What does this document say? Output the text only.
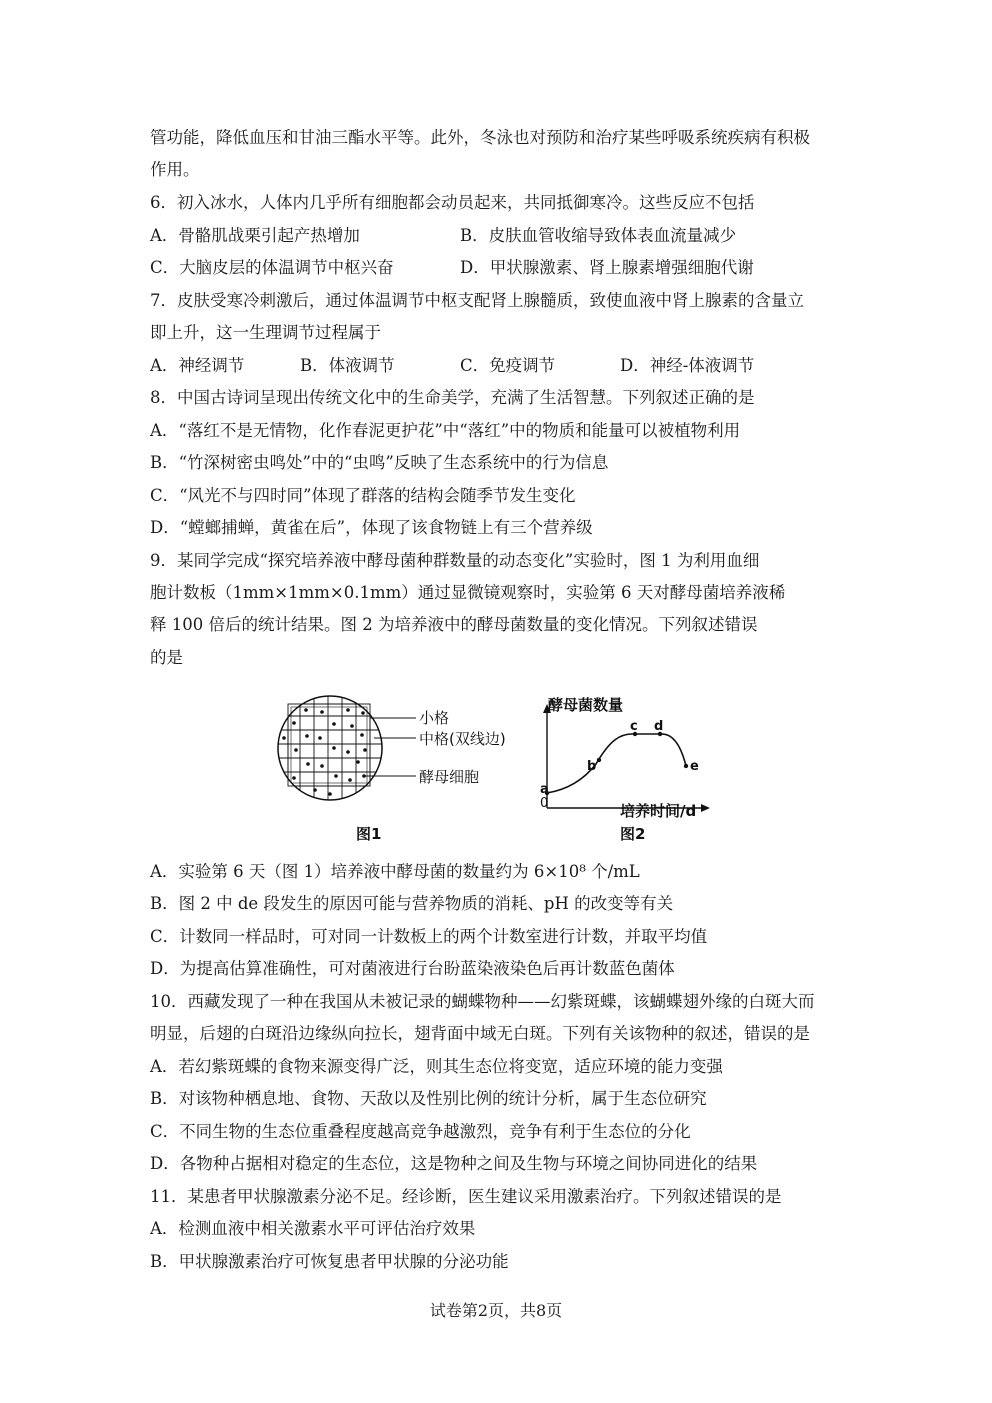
管功能，降低血压和甘油三酯水平等。此外，冬泳也对预防和治疗某些呼吸系统疾病有积极
作用。
6．初入冰水，人体内几乎所有细胞都会动员起来，共同抵御寒冷。这些反应不包括
A．骨骼肌战栗引起产热增加	B．皮肤血管收缩导致体表血流量减少
C．大脑皮层的体温调节中枢兴奋	D．甲状腺激素、肾上腺素增强细胞代谢
7．皮肤受寒冷刺激后，通过体温调节中枢支配肾上腺髓质，致使血液中肾上腺素的含量立
即上升，这一生理调节过程属于
A．神经调节	B．体液调节	C．免疫调节	D．神经-体液调节
8．中国古诗词呈现出传统文化中的生命美学，充满了生活智慧。下列叙述正确的是
A．“落红不是无情物，化作春泥更护花”中“落红”中的物质和能量可以被植物利用
B．“竹深树密虫鸣处”中的“虫鸣”反映了生态系统中的行为信息
C．“风光不与四时同”体现了群落的结构会随季节发生变化
D．“螳螂捕蝉，黄雀在后”，体现了该食物链上有三个营养级
9．某同学完成“探究培养液中酵母菌种群数量的动态变化”实验时，图 1 为利用血细
胞计数板（1mm×1mm×0.1mm）通过显微镜观察时，实验第 6 天对酵母菌培养液稀
释 100 倍后的统计结果。图 2 为培养液中的酵母菌数量的变化情况。下列叙述错误
的是
小格
中格(双线边)
酵母细胞
图1
酵母菌数量
培养时间/d
0
a
b
c d
e
图2
A．实验第 6 天（图 1）培养液中酵母菌的数量约为 6×10⁸ 个/mL
B．图 2 中 de 段发生的原因可能与营养物质的消耗、pH 的改变等有关
C．计数同一样品时，可对同一计数板上的两个计数室进行计数，并取平均值
D．为提高估算准确性，可对菌液进行台盼蓝染液染色后再计数蓝色菌体
10．西藏发现了一种在我国从未被记录的蝴蝶物种——幻紫斑蝶，该蝴蝶翅外缘的白斑大而
明显，后翅的白斑沿边缘纵向拉长，翅背面中域无白斑。下列有关该物种的叙述，错误的是
A．若幻紫斑蝶的食物来源变得广泛，则其生态位将变宽，适应环境的能力变强
B．对该物种栖息地、食物、天敌以及性别比例的统计分析，属于生态位研究
C．不同生物的生态位重叠程度越高竞争越激烈，竞争有利于生态位的分化
D．各物种占据相对稳定的生态位，这是物种之间及生物与环境之间协同进化的结果
11．某患者甲状腺激素分泌不足。经诊断，医生建议采用激素治疗。下列叙述错误的是
A．检测血液中相关激素水平可评估治疗效果
B．甲状腺激素治疗可恢复患者甲状腺的分泌功能
试卷第2页，共8页
